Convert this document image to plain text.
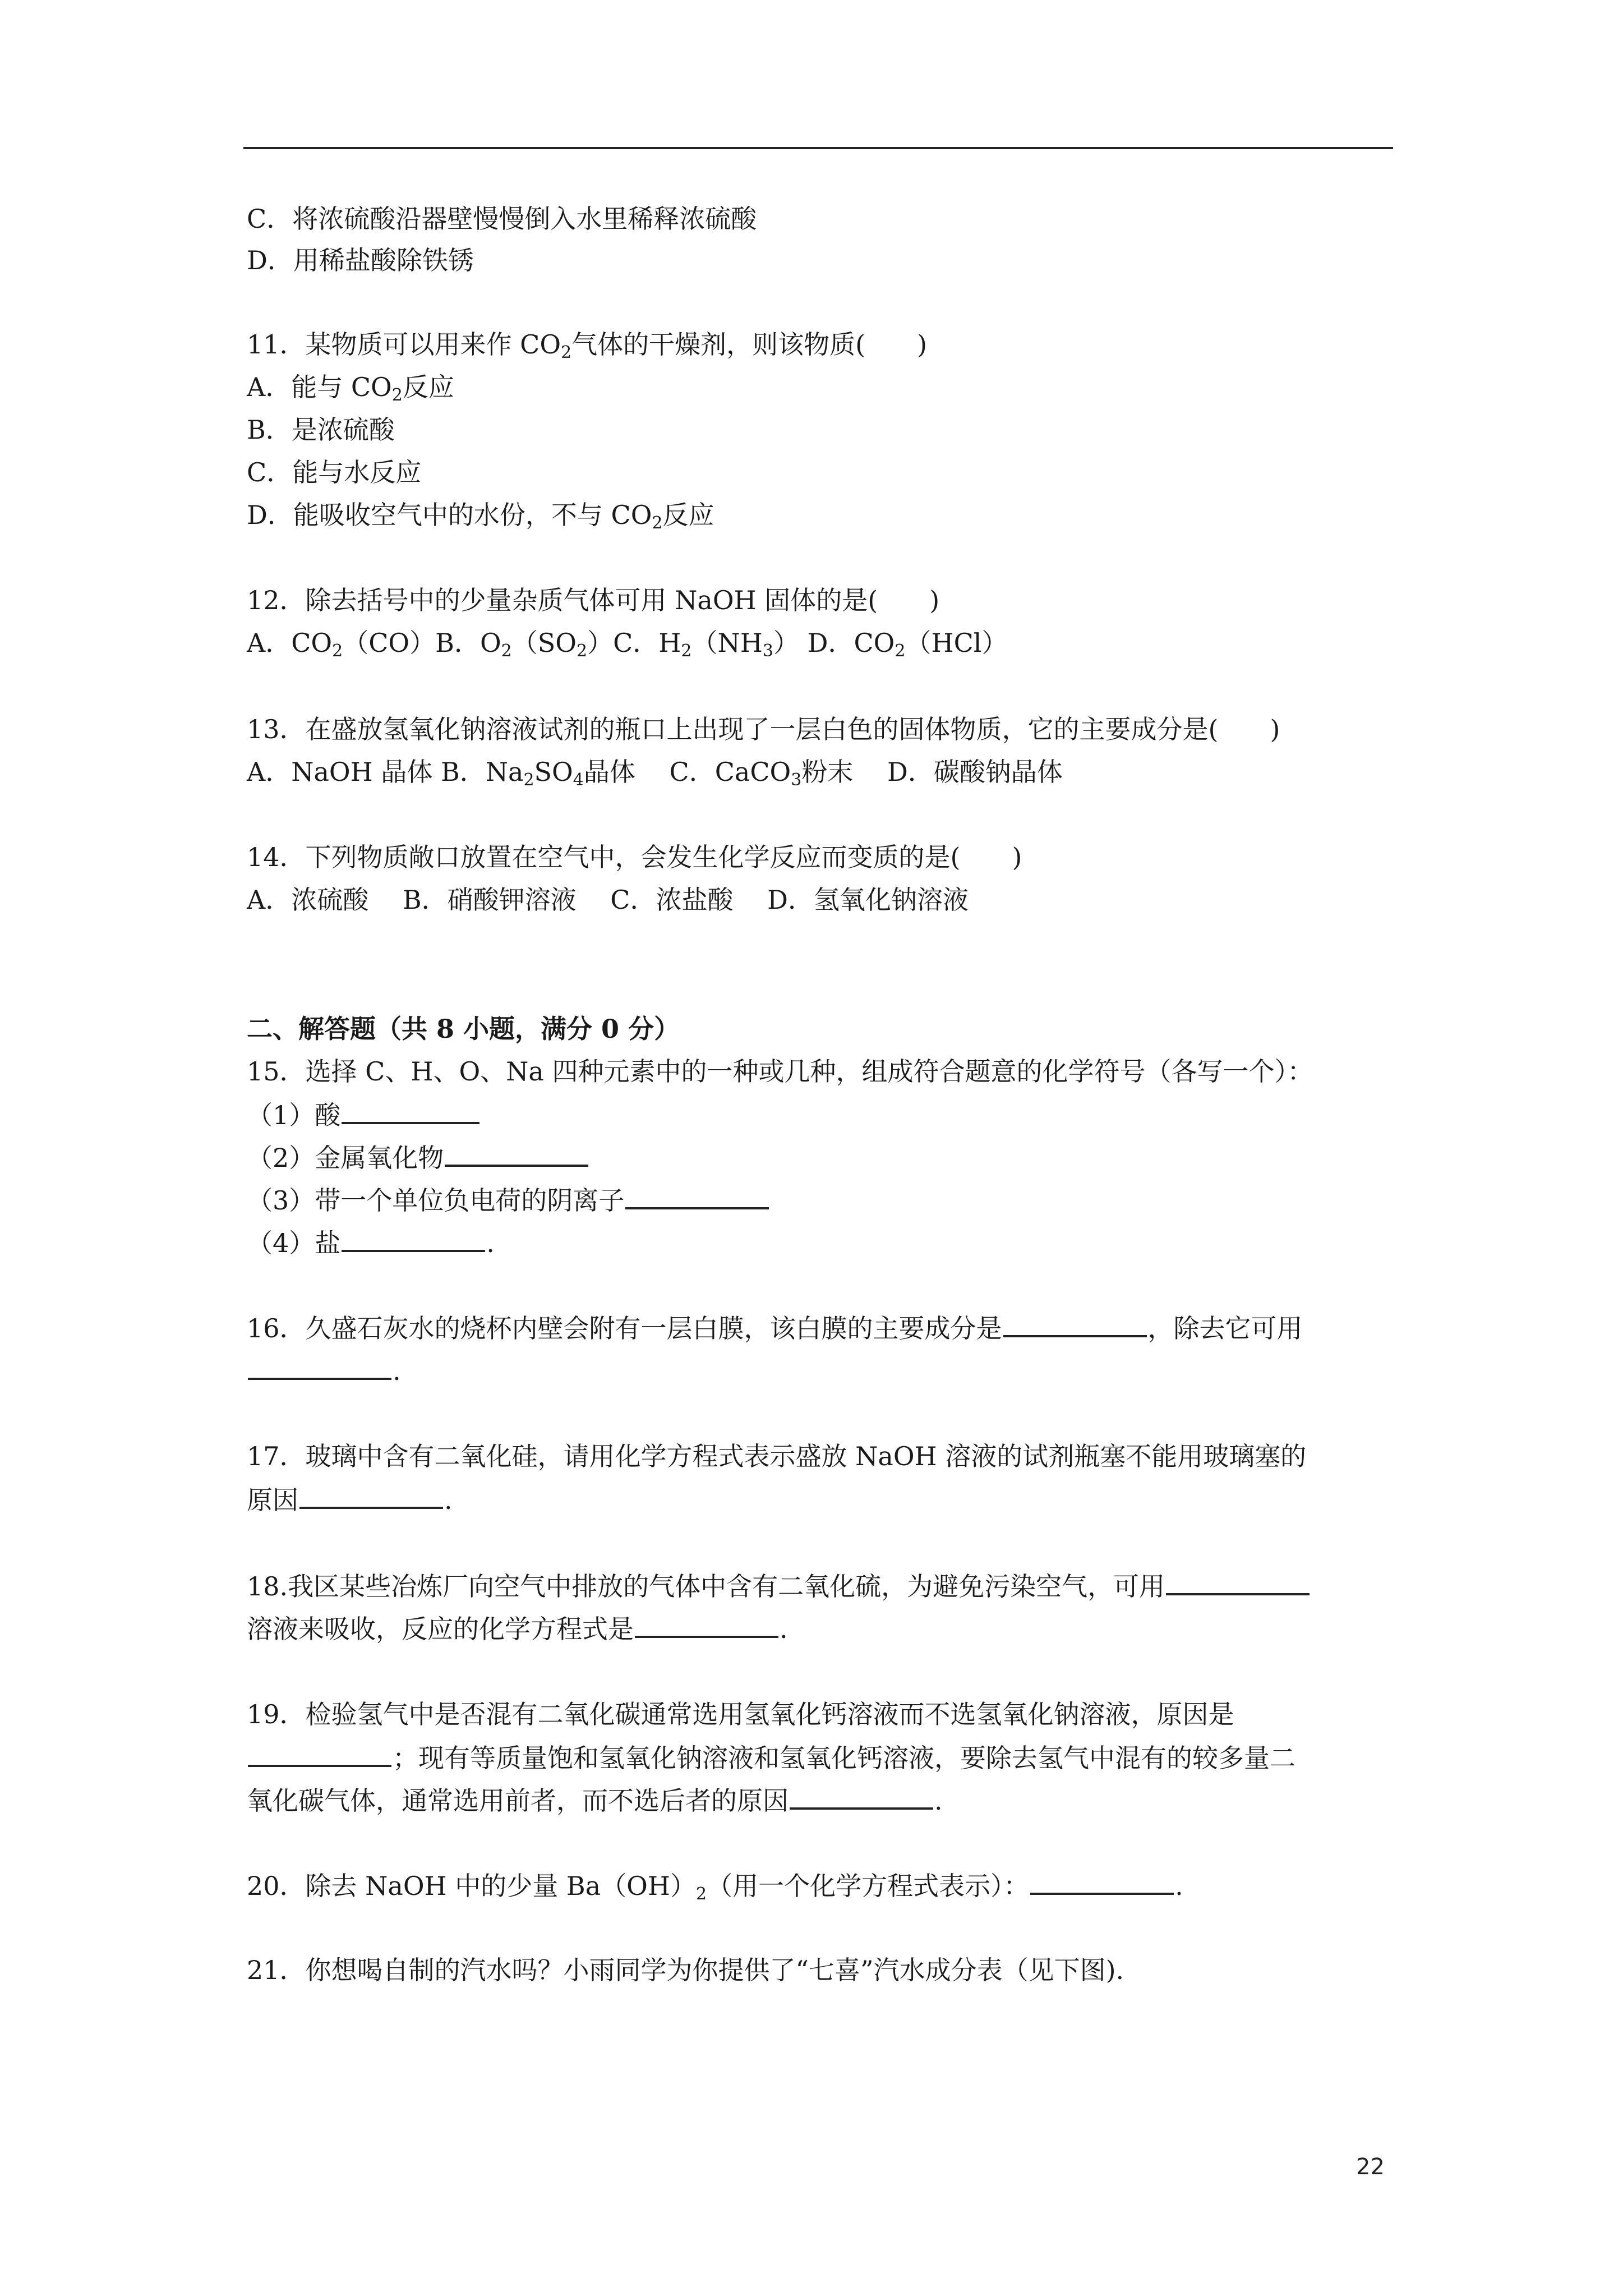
C．将浓硫酸沿器壁慢慢倒入水里稀释浓硫酸
D．用稀盐酸除铁锈
11．某物质可以用来作 $CO_2$气体的干燥剂，则该物质(　　)
A．能与 $CO_2$反应
B．是浓硫酸
C．能与水反应
D．能吸收空气中的水份，不与 $CO_2$反应
12．除去括号中的少量杂质气体可用 NaOH 固体的是(　　)
A．$CO_2(CO)B$．$O_2(SO_2)C$．$H_2(NH_3)$ D．$CO_2(HCl)$
13．在盛放氢氧化钠溶液试剂的瓶口上出现了一层白色的固体物质，它的主要成分是(　　)
A．NaOH 晶体 B．$Na_2SO_4$晶体　 C．CaCO$_3$粉末　 D．碳酸钠晶体
14．下列物质敞口放置在空气中，会发生化学反应而变质的是(　　)
A．浓硫酸　 B．硝酸钾溶液　 C．浓盐酸　 D．氢氧化钠溶液
二、解答题（共 8 小题，满分 0 分）
15．选择 C、H、O、Na 四种元素中的一种或几种，组成符合题意的化学符号（各写一个）：
（1）酸
（2）金属氧化物
（3）带一个单位负电荷的阴离子
（4）盐	.
16．久盛石灰水的烧杯内壁会附有一层白膜，该白膜的主要成分是	，除去它可用
.
17．玻璃中含有二氧化硅，请用化学方程式表示盛放 NaOH 溶液的试剂瓶塞不能用玻璃塞的
原因	.
18.我区某些冶炼厂向空气中排放的气体中含有二氧化硫，为避免污染空气，可用
溶液来吸收，反应的化学方程式是	.
19．检验氢气中是否混有二氧化碳通常选用氢氧化钙溶液而不选氢氧化钠溶液，原因是
；现有等质量饱和氢氧化钠溶液和氢氧化钙溶液，要除去氢气中混有的较多量二
氧化碳气体，通常选用前者，而不选后者的原因	.
20．除去 NaOH 中的少量 $Ba(OH)_2$（用一个化学方程式表示）：	.
21．你想喝自制的汽水吗？小雨同学为你提供了“七喜”汽水成分表（见下图).
22
